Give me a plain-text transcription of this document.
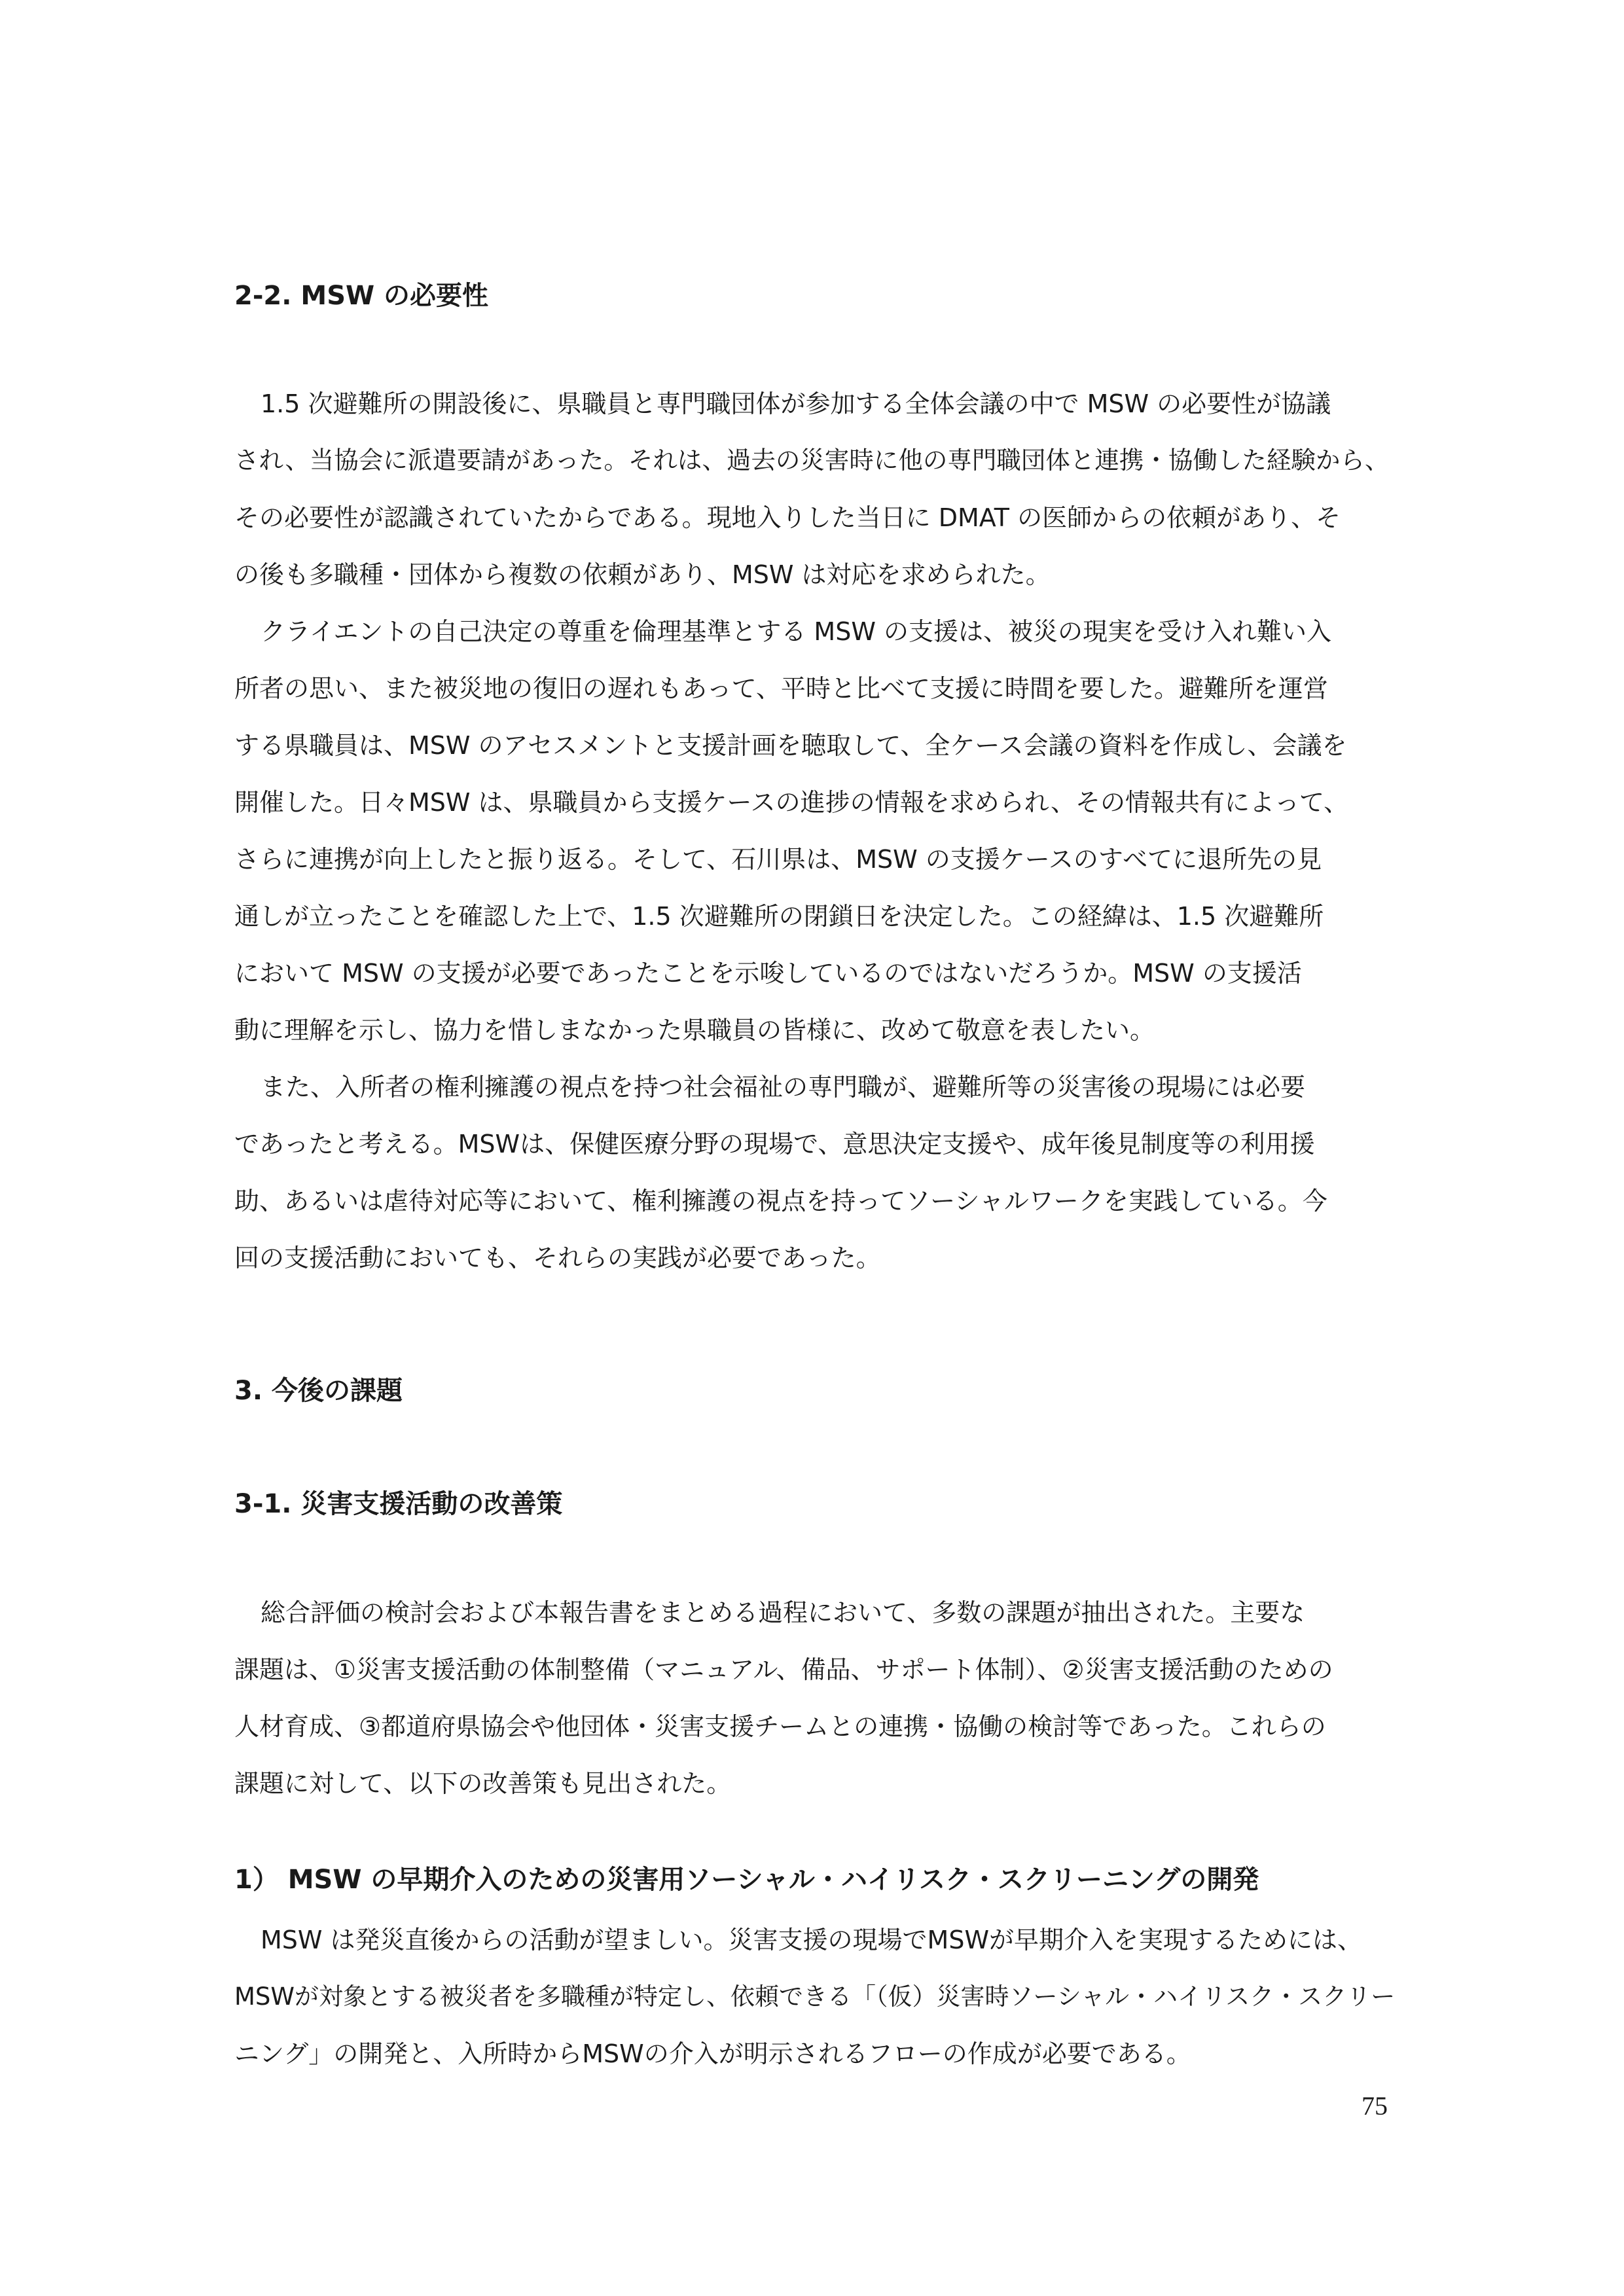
2-2. MSW の必要性

1.5 次避難所の開設後に、県職員と専門職団体が参加する全体会議の中で MSW の必要性が協議

され、当協会に派遣要請があった。それは、過去の災害時に他の専門職団体と連携・協働した経験から、

その必要性が認識されていたからである。現地入りした当日に DMAT の医師からの依頼があり、そ

の後も多職種・団体から複数の依頼があり、MSW は対応を求められた。

クライエントの自己決定の尊重を倫理基準とする MSW の支援は、被災の現実を受け入れ難い入

所者の思い、また被災地の復旧の遅れもあって、平時と比べて支援に時間を要した。避難所を運営

する県職員は、MSW のアセスメントと支援計画を聴取して、全ケース会議の資料を作成し、会議を

開催した。日々MSW は、県職員から支援ケースの進捗の情報を求められ、その情報共有によって、

さらに連携が向上したと振り返る。そして、石川県は、MSW の支援ケースのすべてに退所先の見

通しが立ったことを確認した上で、1.5 次避難所の閉鎖日を決定した。この経緯は、1.5 次避難所

において MSW の支援が必要であったことを示唆しているのではないだろうか。MSW の支援活

動に理解を示し、協力を惜しまなかった県職員の皆様に、改めて敬意を表したい。

また、入所者の権利擁護の視点を持つ社会福祉の専門職が、避難所等の災害後の現場には必要

であったと考える。MSWは、保健医療分野の現場で、意思決定支援や、成年後見制度等の利用援

助、あるいは虐待対応等において、権利擁護の視点を持ってソーシャルワークを実践している。今

回の支援活動においても、それらの実践が必要であった。

3. 今後の課題
3-1. 災害支援活動の改善策

総合評価の検討会および本報告書をまとめる過程において、多数の課題が抽出された。主要な

課題は、①災害支援活動の体制整備（マニュアル、備品、サポート体制）、②災害支援活動のための

人材育成、③都道府県協会や他団体・災害支援チームとの連携・協働の検討等であった。これらの

課題に対して、以下の改善策も見出された。

1） MSW の早期介入のための災害用ソーシャル・ハイリスク・スクリーニングの開発

MSW は発災直後からの活動が望ましい。災害支援の現場でMSWが早期介入を実現するためには、

MSWが対象とする被災者を多職種が特定し、依頼できる「（仮）災害時ソーシャル・ハイリスク・スクリー

ニング」の開発と、入所時からMSWの介入が明示されるフローの作成が必要である。

75
